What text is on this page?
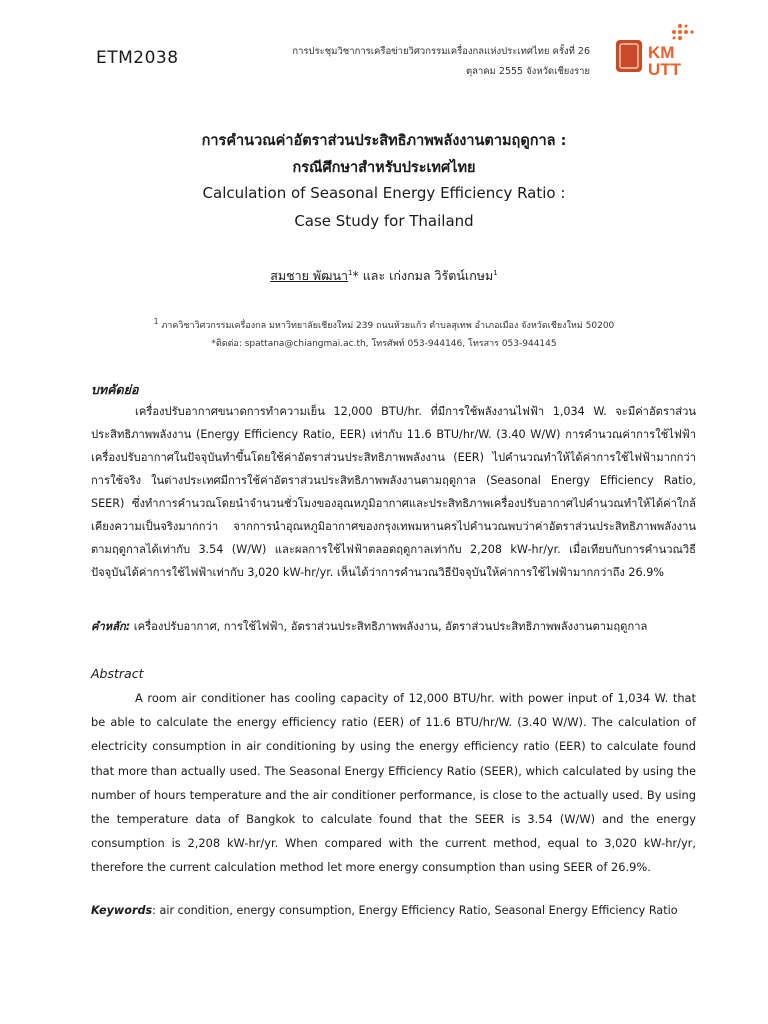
ETM2038	การประชุมวิชาการเครือข่ายวิศวกรรมเครื่องกลแห่งประเทศไทย ครั้งที่ 26
ตุลาคม 2555 จังหวัดเชียงราย
KM
UTT
การคำนวณค่าอัตราส่วนประสิทธิภาพพลังงานตามฤดูกาล :
กรณีศึกษาสำหรับประเทศไทย
Calculation of Seasonal Energy Efficiency Ratio :
Case Study for Thailand
สมชาย พัฒนา$^1$* และ เก่งกมล วิรัตน์เกษม$^1$
$^1$ ภาควิชาวิศวกรรมเครื่องกล มหาวิทยาลัยเชียงใหม่ 239 ถนนห้วยแก้ว ตำบลสุเทพ อำเภอเมือง จังหวัดเชียงใหม่ 50200
*ติดต่อ: spattana@chiangmai.ac.th, โทรศัพท์ 053-944146, โทรสาร 053-944145
บทคัดย่อ
เครื่องปรับอากาศขนาดการทำความเย็น 12,000 BTU/hr. ที่มีการใช้พลังงานไฟฟ้า 1,034 W. จะมีค่าอัตราส่วนประสิทธิภาพพลังงาน (Energy Efficiency Ratio, EER) เท่ากับ 11.6 BTU/hr/W. (3.40 W/W) การคำนวณค่าการใช้ไฟฟ้าเครื่องปรับอากาศในปัจจุบันทำขึ้นโดยใช้ค่าอัตราส่วนประสิทธิภาพพลังงาน (EER) ไปคำนวณทำให้ได้ค่าการใช้ไฟฟ้ามากกว่าการใช้จริง ในต่างประเทศมีการใช้ค่าอัตราส่วนประสิทธิภาพพลังงานตามฤดูกาล (Seasonal Energy Efficiency Ratio, SEER) ซึ่งทำการคำนวณโดยนำจำนวนชั่วโมงของอุณหภูมิอากาศและประสิทธิภาพเครื่องปรับอากาศไปคำนวณทำให้ได้ค่าใกล้เคียงความเป็นจริงมากกว่า จากการนำอุณหภูมิอากาศของกรุงเทพมหานครไปคำนวณพบว่าค่าอัตราส่วนประสิทธิภาพพลังงานตามฤดูกาลได้เท่ากับ 3.54 (W/W) และผลการใช้ไฟฟ้าตลอดฤดูกาลเท่ากับ 2,208 kW-hr/yr. เมื่อเทียบกับการคำนวณวิธีปัจจุบันได้ค่าการใช้ไฟฟ้าเท่ากับ 3,020 kW-hr/yr. เห็นได้ว่าการคำนวณวิธีปัจจุบันให้ค่าการใช้ไฟฟ้ามากกว่าถึง 26.9%
คำหลัก: เครื่องปรับอากาศ, การใช้ไฟฟ้า, อัตราส่วนประสิทธิภาพพลังงาน, อัตราส่วนประสิทธิภาพพลังงานตามฤดูกาล
Abstract
A room air conditioner has cooling capacity of 12,000 BTU/hr. with power input of 1,034 W. that be able to calculate the energy efficiency ratio (EER) of 11.6 BTU/hr/W. (3.40 W/W). The calculation of electricity consumption in air conditioning by using the energy efficiency ratio (EER) to calculate found that more than actually used. The Seasonal Energy Efficiency Ratio (SEER), which calculated by using the number of hours temperature and the air conditioner performance, is close to the actually used. By using the temperature data of Bangkok to calculate found that the SEER is 3.54 (W/W) and the energy consumption is 2,208 kW-hr/yr. When compared with the current method, equal to 3,020 kW-hr/yr, therefore the current calculation method let more energy consumption than using SEER of 26.9%.
Keywords: air condition, energy consumption, Energy Efficiency Ratio, Seasonal Energy Efficiency Ratio
